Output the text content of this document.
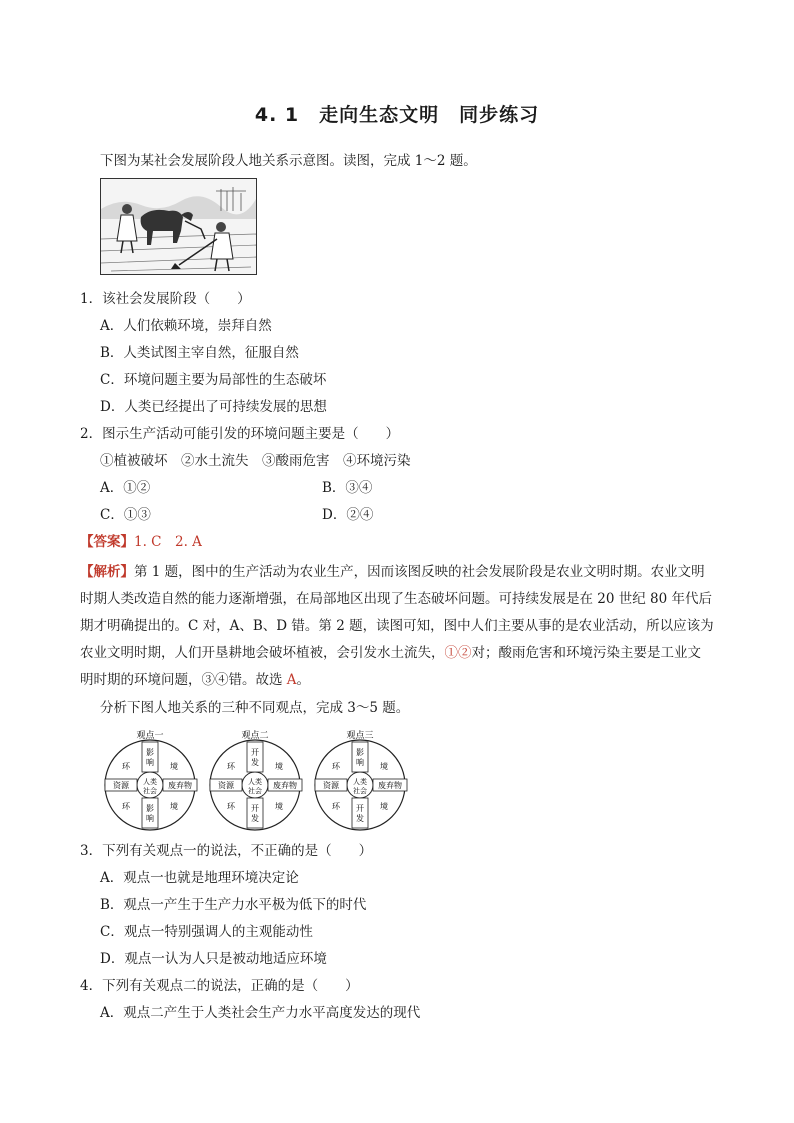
4. 1　走向生态文明　同步练习
下图为某社会发展阶段人地关系示意图。读图，完成 1～2 题。
1．该社会发展阶段（　　）
A．人们依赖环境，崇拜自然
B．人类试图主宰自然，征服自然
C．环境问题主要为局部性的生态破坏
D．人类已经提出了可持续发展的思想
2．图示生产活动可能引发的环境问题主要是（　　）
①植被破坏　②水土流失　③酸雨危害　④环境污染
A．①②	B．③④
C．①③	D．②④
【答案】1. C　2. A
【解析】第 1 题，图中的生产活动为农业生产，因而该图反映的社会发展阶段是农业文明时期。农业文明
时期人类改造自然的能力逐渐增强，在局部地区出现了生态破坏问题。可持续发展是在 20 世纪 80 年代后
期才明确提出的。C 对，A、B、D 错。第 2 题，读图可知，图中人们主要从事的是农业活动，所以应该为
农业文明时期，人们开垦耕地会破坏植被，会引发水土流失，①②对；酸雨危害和环境污染主要是工业文
明时期的环境问题，③④错。故选 A。
分析下图人地关系的三种不同观点，完成 3～5 题。
观点一
影
响
影
响
资源	废弃物
人类
社会
环	境
环	境
观点二
开
发
开
发
资源	废弃物
人类
社会
环	境
环	境
观点三
影
响
开
发
资源	废弃物
人类
社会
环	境
环	境
3．下列有关观点一的说法，不正确的是（　　）
A．观点一也就是地理环境决定论
B．观点一产生于生产力水平极为低下的时代
C．观点一特别强调人的主观能动性
D．观点一认为人只是被动地适应环境
4．下列有关观点二的说法，正确的是（　　）
A．观点二产生于人类社会生产力水平高度发达的现代
